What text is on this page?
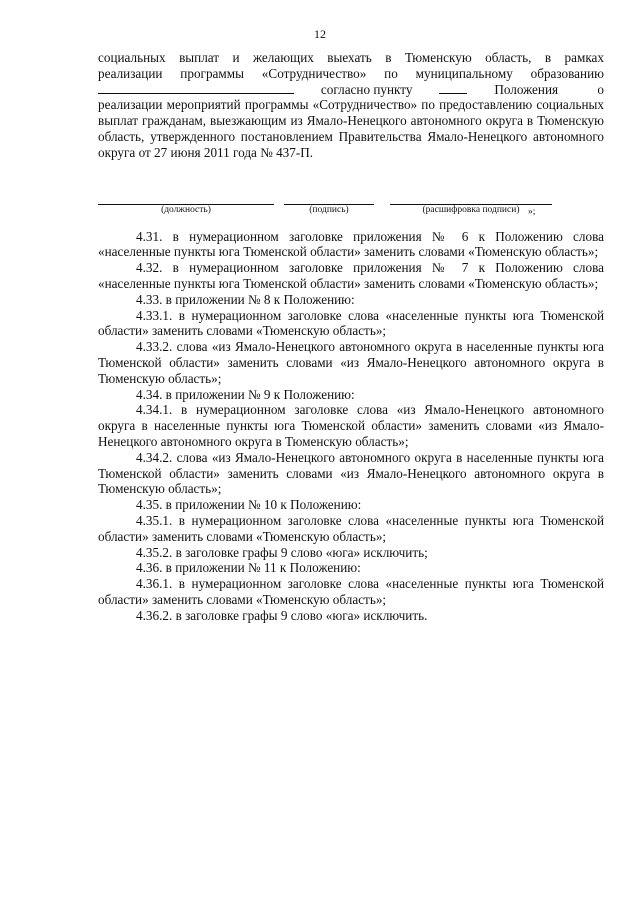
12

социальных выплат и желающих выехать в Тюменскую область, в рамках

реализации программы «Сотрудничество» по муниципальному образованию

согласно пункту	Положения о

реализации мероприятий программы «Сотрудничество» по предоставлению социальных выплат гражданам, выезжающим из Ямало-Ненецкого автономного округа в Тюменскую область, утвержденного постановлением Правительства Ямало-Ненецкого автономного округа от 27 июня 2011 года № 437-П.

(должность)	(подпись)	(расшифровка подписи) »;

4.31. в нумерационном заголовке приложения № 6 к Положению слова «населенные пункты юга Тюменской области» заменить словами «Тюменскую область»;

4.32. в нумерационном заголовке приложения № 7 к Положению слова «населенные пункты юга Тюменской области» заменить словами «Тюменскую область»;

4.33. в приложении № 8 к Положению:

4.33.1. в нумерационном заголовке слова «населенные пункты юга Тюменской области» заменить словами «Тюменскую область»;

4.33.2. слова «из Ямало-Ненецкого автономного округа в населенные пункты юга Тюменской области» заменить словами «из Ямало-Ненецкого автономного округа в Тюменскую область»;

4.34. в приложении № 9 к Положению:

4.34.1. в нумерационном заголовке слова «из Ямало-Ненецкого автономного округа в населенные пункты юга Тюменской области» заменить словами «из Ямало-Ненецкого автономного округа в Тюменскую область»;

4.34.2. слова «из Ямало-Ненецкого автономного округа в населенные пункты юга Тюменской области» заменить словами «из Ямало-Ненецкого автономного округа в Тюменскую область»;

4.35. в приложении № 10 к Положению:

4.35.1. в нумерационном заголовке слова «населенные пункты юга Тюменской области» заменить словами «Тюменскую область»;

4.35.2. в заголовке графы 9 слово «юга» исключить;

4.36. в приложении № 11 к Положению:

4.36.1. в нумерационном заголовке слова «населенные пункты юга Тюменской области» заменить словами «Тюменскую область»;

4.36.2. в заголовке графы 9 слово «юга» исключить.
